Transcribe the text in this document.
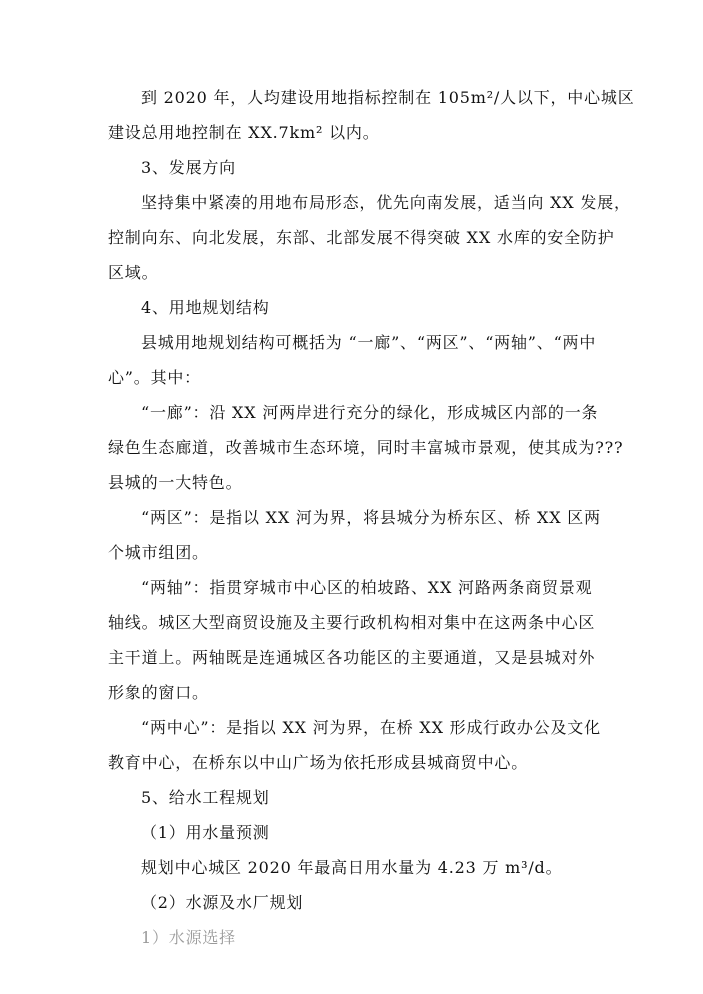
到 2020 年，人均建设用地指标控制在 105m²/人以下，中心城区
建设总用地控制在 XX.7km² 以内。
3、发展方向
坚持集中紧凑的用地布局形态，优先向南发展，适当向 XX 发展，
控制向东、向北发展，东部、北部发展不得突破 XX 水库的安全防护
区域。
4、用地规划结构
县城用地规划结构可概括为 “一廊”、“两区”、“两轴”、“两中
心”。其中：
“一廊”：沿 XX 河两岸进行充分的绿化，形成城区内部的一条
绿色生态廊道，改善城市生态环境，同时丰富城市景观，使其成为???
县城的一大特色。
“两区”：是指以 XX 河为界，将县城分为桥东区、桥 XX 区两
个城市组团。
“两轴”：指贯穿城市中心区的柏坡路、XX 河路两条商贸景观
轴线。城区大型商贸设施及主要行政机构相对集中在这两条中心区
主干道上。两轴既是连通城区各功能区的主要通道，又是县城对外
形象的窗口。
“两中心”：是指以 XX 河为界，在桥 XX 形成行政办公及文化
教育中心，在桥东以中山广场为依托形成县城商贸中心。
5、给水工程规划
（1）用水量预测
规划中心城区 2020 年最高日用水量为 4.23 万 m³/d。
（2）水源及水厂规划
1）水源选择
